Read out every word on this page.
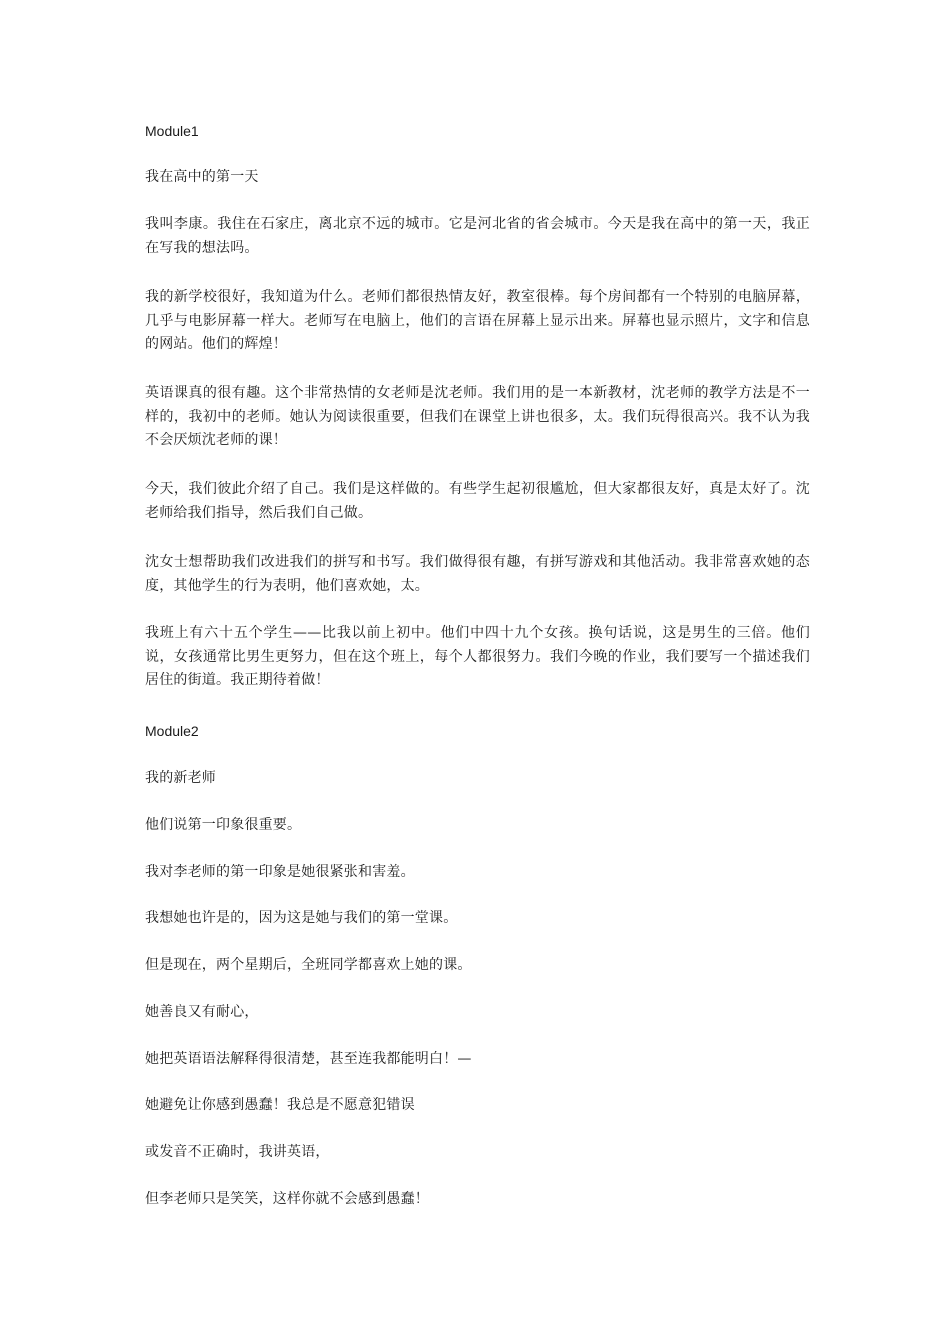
Module1
我在高中的第一天
我叫李康。我住在石家庄，离北京不远的城市。它是河北省的省会城市。今天是我在高中的第一天，我正在写我的想法吗。
我的新学校很好，我知道为什么。老师们都很热情友好，教室很棒。每个房间都有一个特别的电脑屏幕，几乎与电影屏幕一样大。老师写在电脑上，他们的言语在屏幕上显示出来。屏幕也显示照片，文字和信息的网站。他们的辉煌！
英语课真的很有趣。这个非常热情的女老师是沈老师。我们用的是一本新教材，沈老师的教学方法是不一样的，我初中的老师。她认为阅读很重要，但我们在课堂上讲也很多，太。我们玩得很高兴。我不认为我不会厌烦沈老师的课！
今天，我们彼此介绍了自己。我们是这样做的。有些学生起初很尴尬，但大家都很友好，真是太好了。沈老师给我们指导，然后我们自己做。
沈女士想帮助我们改进我们的拼写和书写。我们做得很有趣，有拼写游戏和其他活动。我非常喜欢她的态度，其他学生的行为表明，他们喜欢她，太。
我班上有六十五个学生——比我以前上初中。他们中四十九个女孩。换句话说，这是男生的三倍。他们说，女孩通常比男生更努力，但在这个班上，每个人都很努力。我们今晚的作业，我们要写一个描述我们居住的街道。我正期待着做！
Module2
我的新老师
他们说第一印象很重要。
我对李老师的第一印象是她很紧张和害羞。
我想她也许是的，因为这是她与我们的第一堂课。
但是现在，两个星期后，全班同学都喜欢上她的课。
她善良又有耐心，
她把英语语法解释得很清楚，甚至连我都能明白！—
她避免让你感到愚蠢！我总是不愿意犯错误
或发音不正确时，我讲英语，
但李老师只是笑笑，这样你就不会感到愚蠢！
